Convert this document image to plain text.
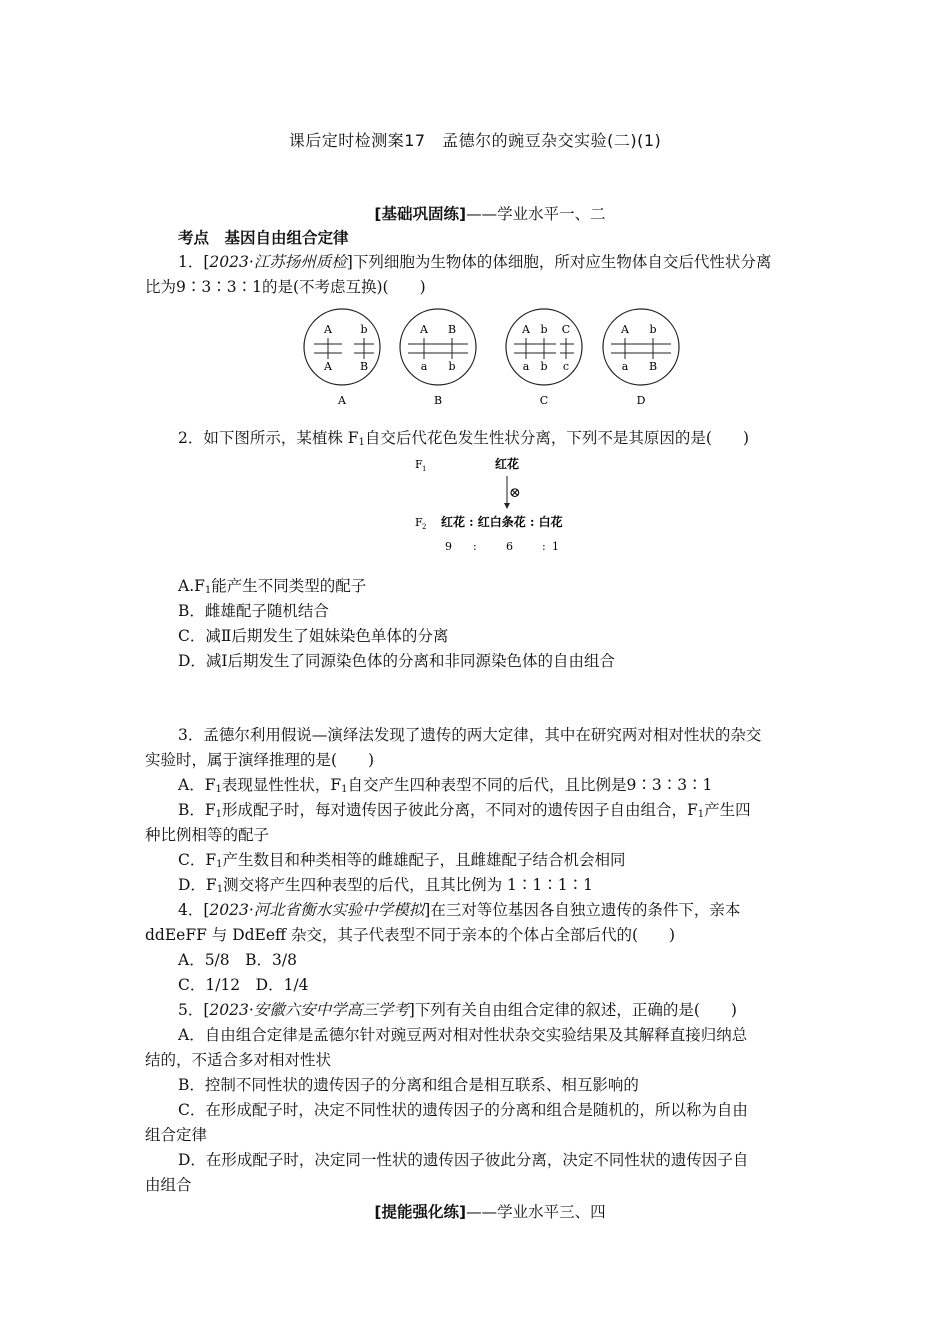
课后定时检测案17　孟德尔的豌豆杂交实验(二)(1)
[基础巩固练]——学业水平一、二
考点　基因自由组合定律
1．[2023·江苏扬州质检]下列细胞为生物体的体细胞，所对应生物体自交后代性状分离
比为9∶3∶3∶1的是(不考虑互换)(　　)
A	b
A	B
A
A B
a b
B
A b C
a b c
C
A b
a B
D
2．如下图所示，某植株 $F_1$自交后代花色发生性状分离，下列不是其原因的是(　　)
F 1	红花
⊗
F 2 红花 : 红白条花 : 白花
9 :	6	: 1
$A.F_1$能产生不同类型的配子
B．雌雄配子随机结合
C．减Ⅱ后期发生了姐妹染色单体的分离
D．减Ⅰ后期发生了同源染色体的分离和非同源染色体的自由组合
3．孟德尔利用假说—演绎法发现了遗传的两大定律，其中在研究两对相对性状的杂交
实验时，属于演绎推理的是(　　)
A．$F_1$表现显性性状，$F_1$自交产生四种表型不同的后代，且比例是9∶3∶3∶1
B．$F_1$形成配子时，每对遗传因子彼此分离，不同对的遗传因子自由组合，$F_1$产生四
种比例相等的配子
C．$F_1$产生数目和种类相等的雌雄配子，且雌雄配子结合机会相同
D．$F_1$测交将产生四种表型的后代，且其比例为 1∶1∶1∶1
4．[2023·河北省衡水实验中学模拟]在三对等位基因各自独立遗传的条件下，亲本
ddEeFF 与 DdEeff 杂交，其子代表型不同于亲本的个体占全部后代的(　　)
A．5/8　B．3/8
C．1/12　D．1/4
5．[2023·安徽六安中学高三学考]下列有关自由组合定律的叙述，正确的是(　　)
A．自由组合定律是孟德尔针对豌豆两对相对性状杂交实验结果及其解释直接归纳总
结的，不适合多对相对性状
B．控制不同性状的遗传因子的分离和组合是相互联系、相互影响的
C．在形成配子时，决定不同性状的遗传因子的分离和组合是随机的，所以称为自由
组合定律
D．在形成配子时，决定同一性状的遗传因子彼此分离，决定不同性状的遗传因子自
由组合
[提能强化练]——学业水平三、四
